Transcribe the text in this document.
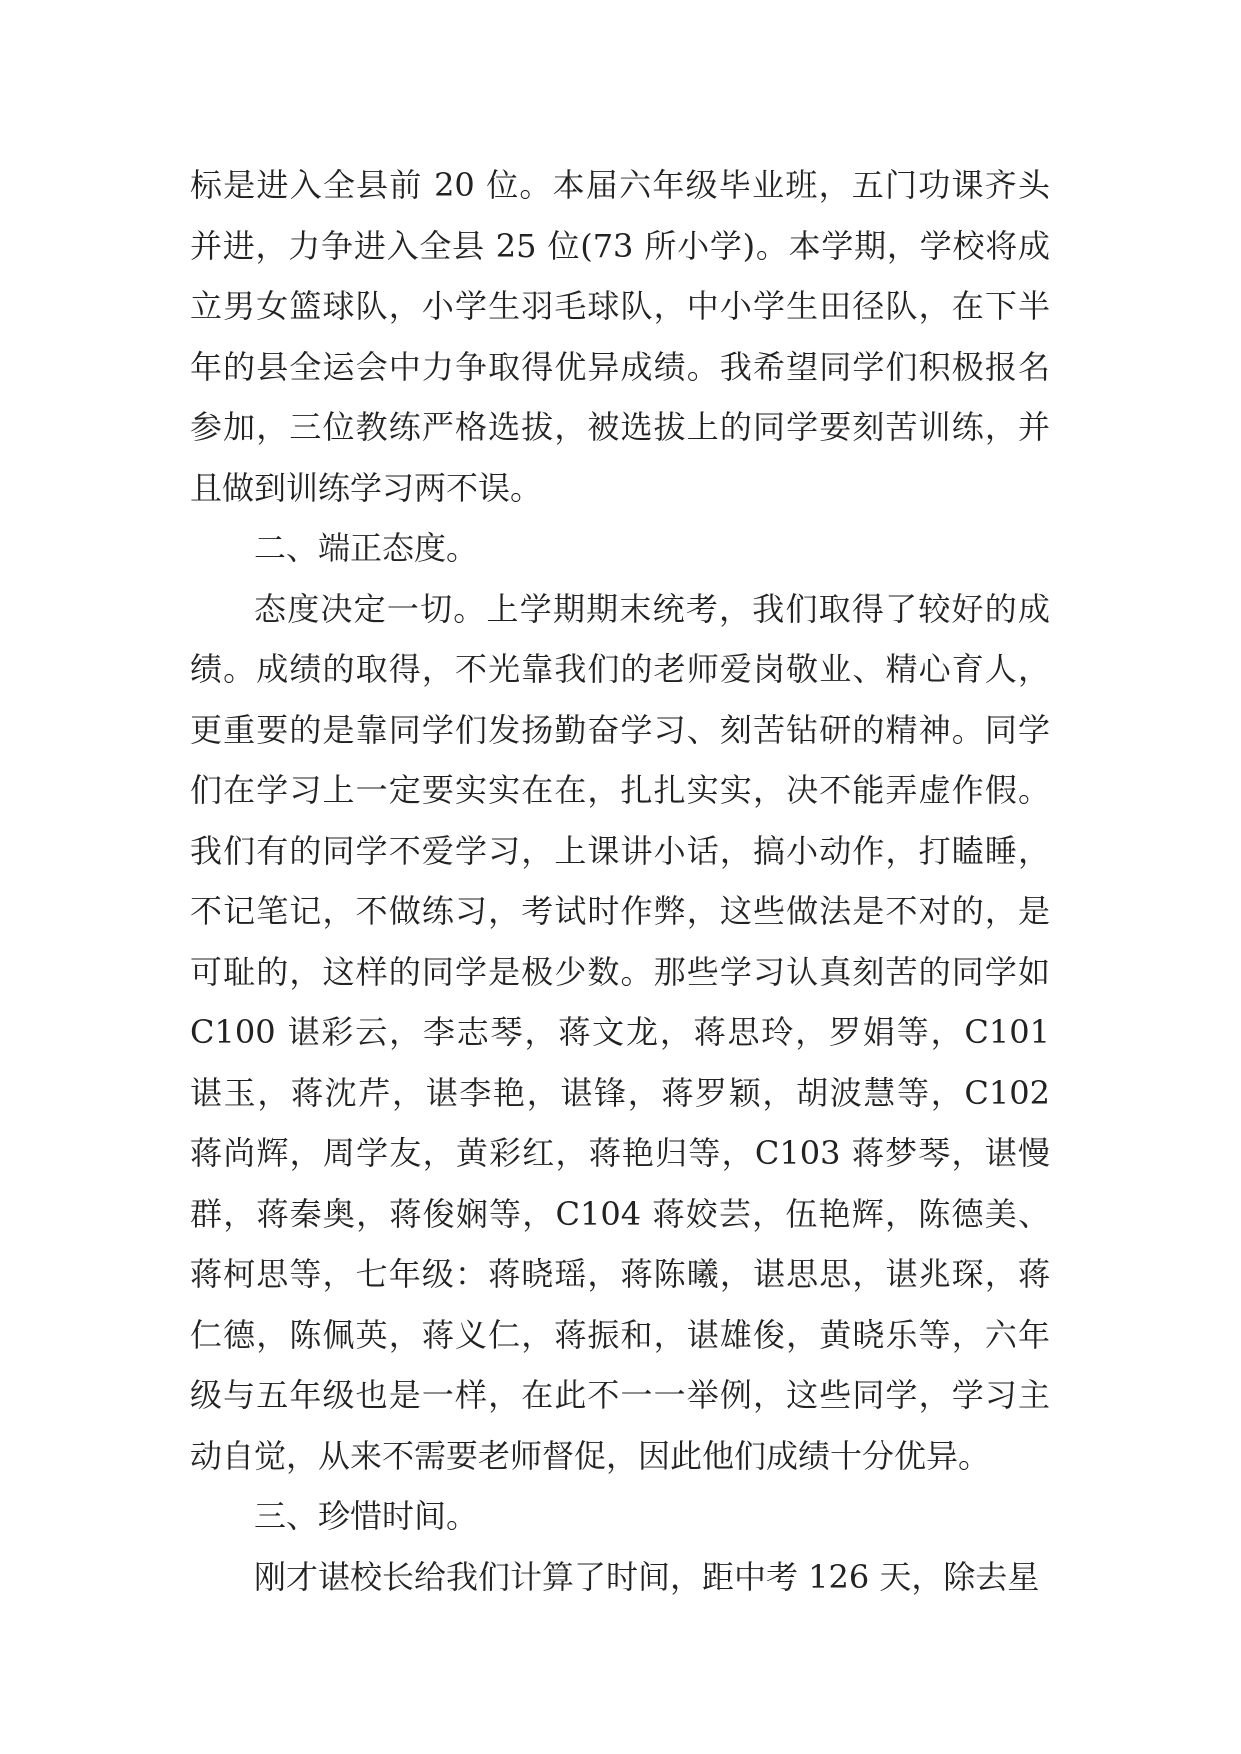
标是进入全县前 20 位。本届六年级毕业班，五门功课齐头并进，力争进入全县 25 位(73 所小学)。本学期，学校将成立男女篮球队，小学生羽毛球队，中小学生田径队，在下半年的县全运会中力争取得优异成绩。我希望同学们积极报名参加，三位教练严格选拔，被选拔上的同学要刻苦训练，并且做到训练学习两不误。

二、端正态度。

态度决定一切。上学期期末统考，我们取得了较好的成绩。成绩的取得，不光靠我们的老师爱岗敬业、精心育人，更重要的是靠同学们发扬勤奋学习、刻苦钻研的精神。同学们在学习上一定要实实在在，扎扎实实，决不能弄虚作假。我们有的同学不爱学习，上课讲小话，搞小动作，打瞌睡，不记笔记，不做练习，考试时作弊，这些做法是不对的，是可耻的，这样的同学是极少数。那些学习认真刻苦的同学如 C100 谌彩云，李志琴，蒋文龙，蒋思玲，罗娟等，C101 谌玉，蒋沈芹，谌李艳，谌锋，蒋罗颖，胡波慧等，C102 蒋尚辉，周学友，黄彩红，蒋艳归等，C103 蒋梦琴，谌慢群，蒋秦奥，蒋俊娴等，C104 蒋姣芸，伍艳辉，陈德美、蒋柯思等，七年级：蒋晓瑶，蒋陈曦，谌思思，谌兆琛，蒋仁德，陈佩英，蒋义仁，蒋振和，谌雄俊，黄晓乐等，六年级与五年级也是一样，在此不一一举例，这些同学，学习主动自觉，从来不需要老师督促，因此他们成绩十分优异。

三、珍惜时间。

刚才谌校长给我们计算了时间，距中考 126 天，除去星
